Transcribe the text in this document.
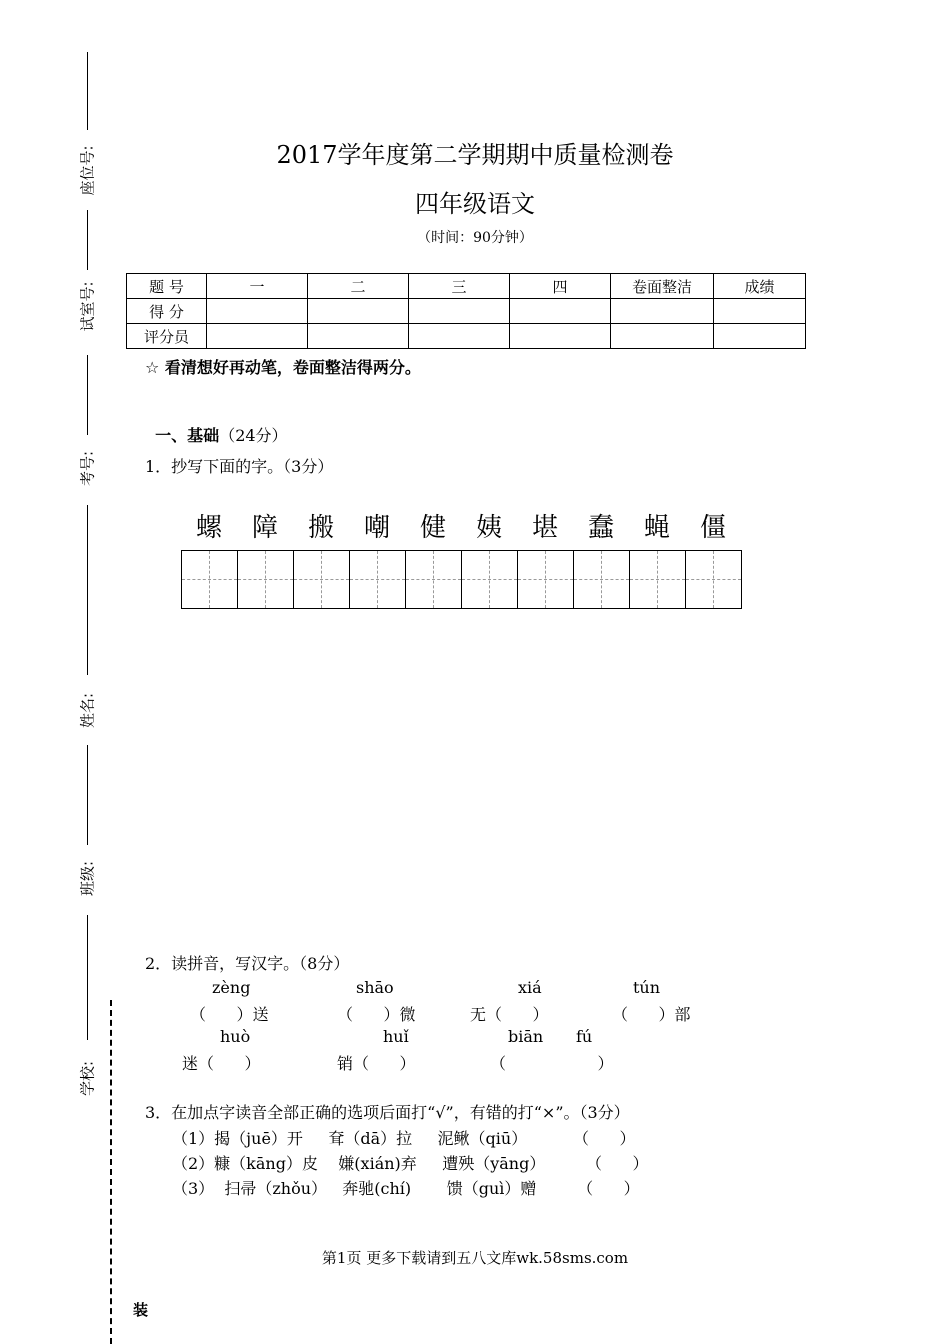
座位号:
试室号:
考号:
姓名:
班级:
学校:
2017学年度第二学期期中质量检测卷
四年级语文
（时间：90分钟）
题 号	一	二	三	四	卷面整洁	成绩
得 分						
评分员						
☆ 看清想好再动笔，卷面整洁得两分。

一、基础（24分）

1．抄写下面的字。（3分）
螺	障	搬	嘲	健	姨	堪	蠢	蝇	僵
2．读拼音，写汉字。（8分）
zèng	shāo	xiá	tún
（      ）送	（      ）微	无（      ）	（      ）部
huò	huǐ	biān fú
迷（      ）	销（      ）	（                  ）
3．在加点字读音全部正确的选项后面打“√”，有错的打“×”。（3分）
（1）揭（juē）开     耷（dā）拉     泥鳅（qiū）         （      ）
（2）糠（kāng）皮    嫌(xián)弃     遭殃（yāng）        （      ）
（3）  扫帚（zhǒu）   奔驰(chí)       馈（guì）赠        （      ）
第1页 更多下载请到五八文库wk.58sms.com
装
